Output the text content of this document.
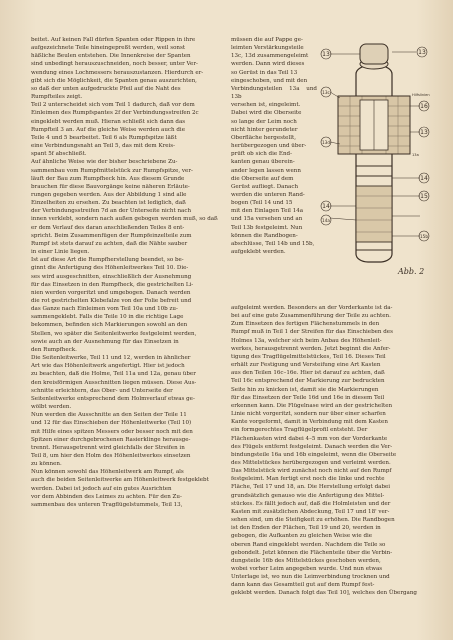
beitet. Auf keinen Fall dürfen Spanten oder Rippen in ihre

aufgezeichnete Teile hineingepreßt werden, weil sonst

häßliche Beulen entstehen. Die Innenkreise der Spanten

sind unbedingt herauszuschneiden, noch besser, unter Ver-

wendung eines Lochmessers herauszustanzen. Hierdurch er-

gibt sich die Möglichkeit, die Spanten genau auszurichten,

so daß der unten aufgedruckte Pfeil auf die Naht des

Rumpfteiles zeigt.

Teil 2 unterscheidet sich vom Teil 1 dadurch, daß vor dem

Einleimen des Rumpfspantes 2f der Verbindungsstreifen 2c

eingeklebt werden muß. Hieran schließt sich dann das

Rumpfteil 3 an. Auf die gleiche Weise werden auch die

Teile 4 und 5 bearbeitet. Teil 6 als Rumpfspitze läßt

eine Verbindungsnaht an Teil 5, das mit dem Kreis-

spant 5f abschließt.

Auf ähnliche Weise wie der bisher beschriebene Zu-

sammenbau vom Rumpfmittelstück zur Rumpfspitze, ver-

läuft der Bau zum Rumpfheck hin. Aus diesem Grunde

brauchen für diese Bauvorgänge keine näheren Erläute-

rungen gegeben werden. Aus der Abbildung 1 sind alle

Einzelheiten zu ersehen. Zu beachten ist lediglich, daß

der Verbindungsstreifen 7d an der Unterseite nicht nach

innen verklebt, sondern nach außen gebogen werden muß, so daß

er dem Verlauf des daran anschließenden Teiles 8 ent-

spricht. Beim Zusammenfügen der Rumpfeinzelteile zum

Rumpf ist stets darauf zu achten, daß die Nähte sauber

in einer Linie liegen.

Ist auf diese Art die Rumpfherstellung beendet, so be-

ginnt die Anfertigung des Höhenleitwerkes Teil 10. Die-

ses wird ausgeschnitten, einschließlich der Ausnehmung

für das Einsetzen in den Rumpfheck, die gestrichelten Li-

nien werden vorgeritzt und umgebogen. Danach werden

die rot gestrichelten Klebefalze von der Folie befreit und

das Ganze nach Einleimen vom Teil 10a und 10b zu-

sammengeklebt. Falls die Teile 10 in die richtige Lage

bekommen, befinden sich Markierungen sowohl an den

Stellen, wo später die Seitenleitwerke festgeleimt werden,

sowie auch an der Ausnehmung für das Einsetzen in

den Rumpfheck.

Die Seitenleitwerke, Teil 11 und 12, werden in ähnlicher

Art wie das Höhenleitwerk angefertigt. Hier ist jedoch

zu beachten, daß die Holme, Teil 11a und 12a, genau über

den kreisförmigen Ausschnitten liegen müssen. Diese Aus-

schnitte erleichtern, das Ober- und Unterseite der

Seitenleitwerke entsprechend dem Holmverlauf etwas ge-

wölbt werden.

Nun werden die Ausschnitte an den Seiten der Teile 11

und 12 für das Einschieben der Höhenleitwerke (Teil 10)

mit Hilfe eines spitzen Messers oder besser noch mit den

Spitzen einer durchgebrochenen Rasierklinge herausge-

trennt. Herausgetrennt wird gleichfalls der Streifen in

Teil 8, um hier den Holm des Höhenleitwerkes einsetzen

zu können.

Nun können sowohl das Höhenleitwerk am Rumpf, als

auch die beiden Seitenleitwerke am Höhenleitwerk festgeklebt

werden. Dabei ist jedoch auf ein gutes Ausrichten

vor dem Abbinden des Leimes zu achten. Für den Zu-

sammenbau des unteren Tragflügelstummels, Teil 13,

müssen die auf Pappe ge-

leimten Verstärkungsteile

13c, 13d zusammengeleimt

werden. Dann wird dieses

so Gerüst in das Teil 13

eingeschoben, und mit den

Verbindungsteilen 13a und 13b

versehen ist, eingeleimt.

Dabei wird die Oberseite

so lange der Leim noch

nicht hinter gerundeter

Oberfläche hergestellt,

herübergezogen und über-

prüft ob sich die End-

kanten genau überein-

ander legen lassen wenn

die Oberseite auf dem

Gerüst aufliegt. Danach

werden die unteren Rand-

bogen (Teil 14 und 15

mit den Einlagen Teil 14a

und 15a versehen und an

Teil 13b festgeleimt. Nun

können die Randbogen-

abschlüsse, Teil 14b und 15b,

aufgeklebt werden.

13
13c
13d
14
14a
13
Hilfslinien
16
13
14
15
15b
13a
Abb. 2

aufgeleimt werden. Besonders an der Vorderkante ist da-

bei auf eine gute Zusammenführung der Teile zu achten.

Zum Einsetzen des fertigen Flächenstummels in den

Rumpf muß in Teil 1 der Streifen für das Einschieben des

Holmes 13a, welcher sich beim Anbau des Höhenleit-

werkes, herausgetrennt werden. Jetzt beginnt die Anfer-

tigung des Tragflügelmittelstückes, Teil 16. Dieses Teil

erhält zur Festigung und Versteifung eine Art Kasten

aus den Teilen 16c–16e. Hier ist darauf zu achten, daß

Teil 16c entsprechend der Markierung zur bedruckten

Seite hin zu knicken ist, damit sie die Markierungen

für das Einsetzen der Teile 16d und 16e in diesem Teil

erkennen kann. Die Flügelnase wird an der gestrichelten

Linie nicht vorgeritzt, sondern nur über einer scharfen

Kante vorgeformt, damit in Verbindung mit dem Kasten

ein formgerechtes Tragflügelprofil entsteht. Der

Flächenkasten wird dabei 4–5 mm von der Vorderkante

des Flügels entfernt festgeleimt. Danach werden die Ver-

bindungsteile 16a und 16b eingeleimt, wenn die Oberseite

des Mittelstückes herübergezogen und verleimt werden.

Das Mittelstück wird zunächst noch nicht auf den Rumpf

festgeleimt. Man fertigt erst noch die linke und rechte

Fläche, Teil 17 und 18, an. Die Herstellung erfolgt dabei

grundsätzlich genauso wie die Anfertigung des Mittel-

stückes. Es fällt jedoch auf, daß die Holmleisten und der

Kasten mit zusätzlichen Abdeckung, Teil 17 und 18' ver-

sehen sind, um die Steifigkeit zu erhöhen. Die Randbogen

ist den Enden der Flächen, Teil 19 und 20, werden in

gebogen, die Aufkanten zu gleichen Weise wie die

oberen Rand eingeklebt werden. Nachdem die Teile so

gebondelt. Jetzt können die Flächenteile über die Verbin-

dungsteile 16b des Mittelstückes geschoben werden,

wobei vorher Leim angegeben wurde. Und nun etwas

Unterlage ist, wo nun die Leimverbindung trocknen und

dann kann das Gesamtteil gut auf dem Rumpf fest-

geklebt werden. Danach folgt das Teil 10], welches den Übergang
